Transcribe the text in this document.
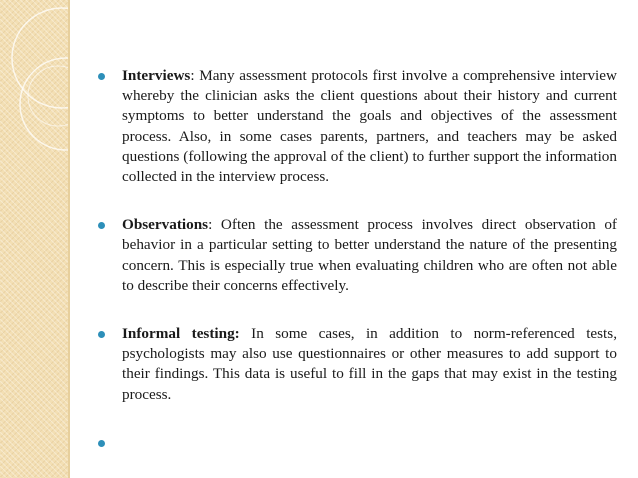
Interviews: Many assessment protocols first involve a comprehensive interview whereby the clinician asks the client questions about their history and current symptoms to better understand the goals and objectives of the assessment process. Also, in some cases parents, partners, and teachers may be asked questions (following the approval of the client) to further support the information collected in the interview process.

Observations: Often the assessment process involves direct observation of behavior in a particular setting to better understand the nature of the presenting concern. This is especially true when evaluating children who are often not able to describe their concerns effectively.

Informal testing: In some cases, in addition to norm-referenced tests, psychologists may also use questionnaires or other measures to add support to their findings. This data is useful to fill in the gaps that may exist in the testing process.
